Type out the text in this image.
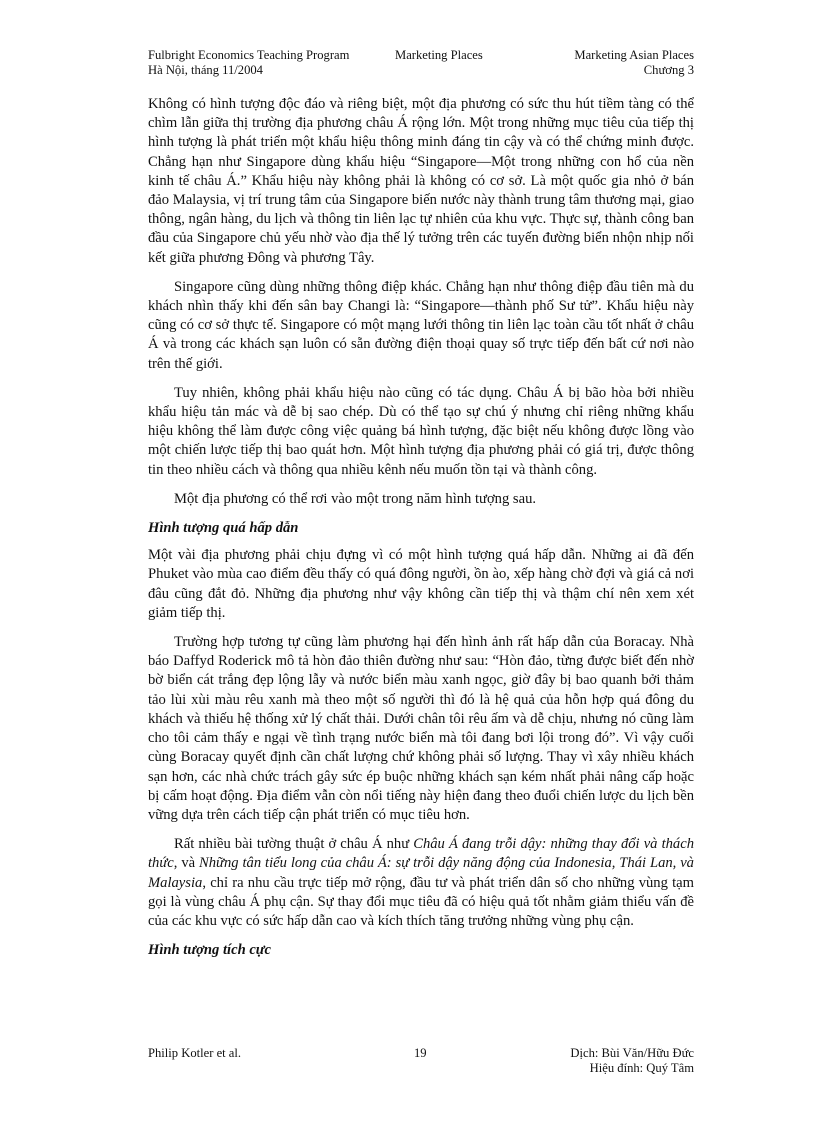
Fulbright Economics Teaching Program
Hà Nội, tháng 11/2004
Marketing Places	Marketing Asian Places
Chương 3

Không có hình tượng độc đáo và riêng biệt, một địa phương có sức thu hút tiềm tàng có thể chìm lẫn giữa thị trường địa phương châu Á rộng lớn. Một trong những mục tiêu của tiếp thị hình tượng là phát triển một khẩu hiệu thông minh đáng tin cậy và có thể chứng minh được. Chẳng hạn như Singapore dùng khẩu hiệu “Singapore—Một trong những con hổ của nền kinh tế châu Á.” Khẩu hiệu này không phải là không có cơ sở. Là một quốc gia nhỏ ở bán đảo Malaysia, vị trí trung tâm của Singapore biến nước này thành trung tâm thương mại, giao thông, ngân hàng, du lịch và thông tin liên lạc tự nhiên của khu vực. Thực sự, thành công ban đầu của Singapore chủ yếu nhờ vào địa thế lý tưởng trên các tuyến đường biển nhộn nhịp nối kết giữa phương Đông và phương Tây.

Singapore cũng dùng những thông điệp khác. Chẳng hạn như thông điệp đầu tiên mà du khách nhìn thấy khi đến sân bay Changi là: “Singapore—thành phố Sư tử”. Khẩu hiệu này cũng có cơ sở thực tế. Singapore có một mạng lưới thông tin liên lạc toàn cầu tốt nhất ở châu Á và trong các khách sạn luôn có sẵn đường điện thoại quay số trực tiếp đến bất cứ nơi nào trên thế giới.

Tuy nhiên, không phải khẩu hiệu nào cũng có tác dụng. Châu Á bị bão hòa bởi nhiều khẩu hiệu tản mác và dễ bị sao chép. Dù có thể tạo sự chú ý nhưng chỉ riêng những khẩu hiệu không thể làm được công việc quảng bá hình tượng, đặc biệt nếu không được lồng vào một chiến lược tiếp thị bao quát hơn. Một hình tượng địa phương phải có giá trị, được thông tin theo nhiều cách và thông qua nhiều kênh nếu muốn tồn tại và thành công.

Một địa phương có thể rơi vào một trong năm hình tượng sau.

Hình tượng quá hấp dẫn

Một vài địa phương phải chịu đựng vì có một hình tượng quá hấp dẫn. Những ai đã đến Phuket vào mùa cao điểm đều thấy có quá đông người, ồn ào, xếp hàng chờ đợi và giá cả nơi đâu cũng đắt đỏ. Những địa phương như vậy không cần tiếp thị và thậm chí nên xem xét giảm tiếp thị.

Trường hợp tương tự cũng làm phương hại đến hình ảnh rất hấp dẫn của Boracay. Nhà báo Daffyd Roderick mô tả hòn đảo thiên đường như sau: “Hòn đảo, từng được biết đến nhờ bờ biển cát trắng đẹp lộng lẫy và nước biển màu xanh ngọc, giờ đây bị bao quanh bởi thảm tảo lùi xùi màu rêu xanh mà theo một số người thì đó là hệ quả của hỗn hợp quá đông du khách và thiếu hệ thống xử lý chất thải. Dưới chân tôi rêu ấm và dễ chịu, nhưng nó cũng làm cho tôi cảm thấy e ngại về tình trạng nước biển mà tôi đang bơi lội trong đó”. Vì vậy cuối cùng Boracay quyết định cần chất lượng chứ không phải số lượng. Thay vì xây nhiều khách sạn hơn, các nhà chức trách gây sức ép buộc những khách sạn kém nhất phải nâng cấp hoặc bị cấm hoạt động. Địa điểm vẫn còn nổi tiếng này hiện đang theo đuổi chiến lược du lịch bền vững dựa trên cách tiếp cận phát triển có mục tiêu hơn.

Rất nhiều bài tường thuật ở châu Á như Châu Á đang trỗi dậy: những thay đổi và thách thức, và Những tân tiểu long của châu Á: sự trỗi dậy năng động của Indonesia, Thái Lan, và Malaysia, chỉ ra nhu cầu trực tiếp mở rộng, đầu tư và phát triển dân số cho những vùng tạm gọi là vùng châu Á phụ cận. Sự thay đổi mục tiêu đã có hiệu quả tốt nhằm giảm thiểu vấn đề của các khu vực có sức hấp dẫn cao và kích thích tăng trưởng những vùng phụ cận.

Hình tượng tích cực
Philip Kotler et al.	19	Dịch: Bùi Văn/Hữu Đức
Hiệu đính: Quý Tâm
